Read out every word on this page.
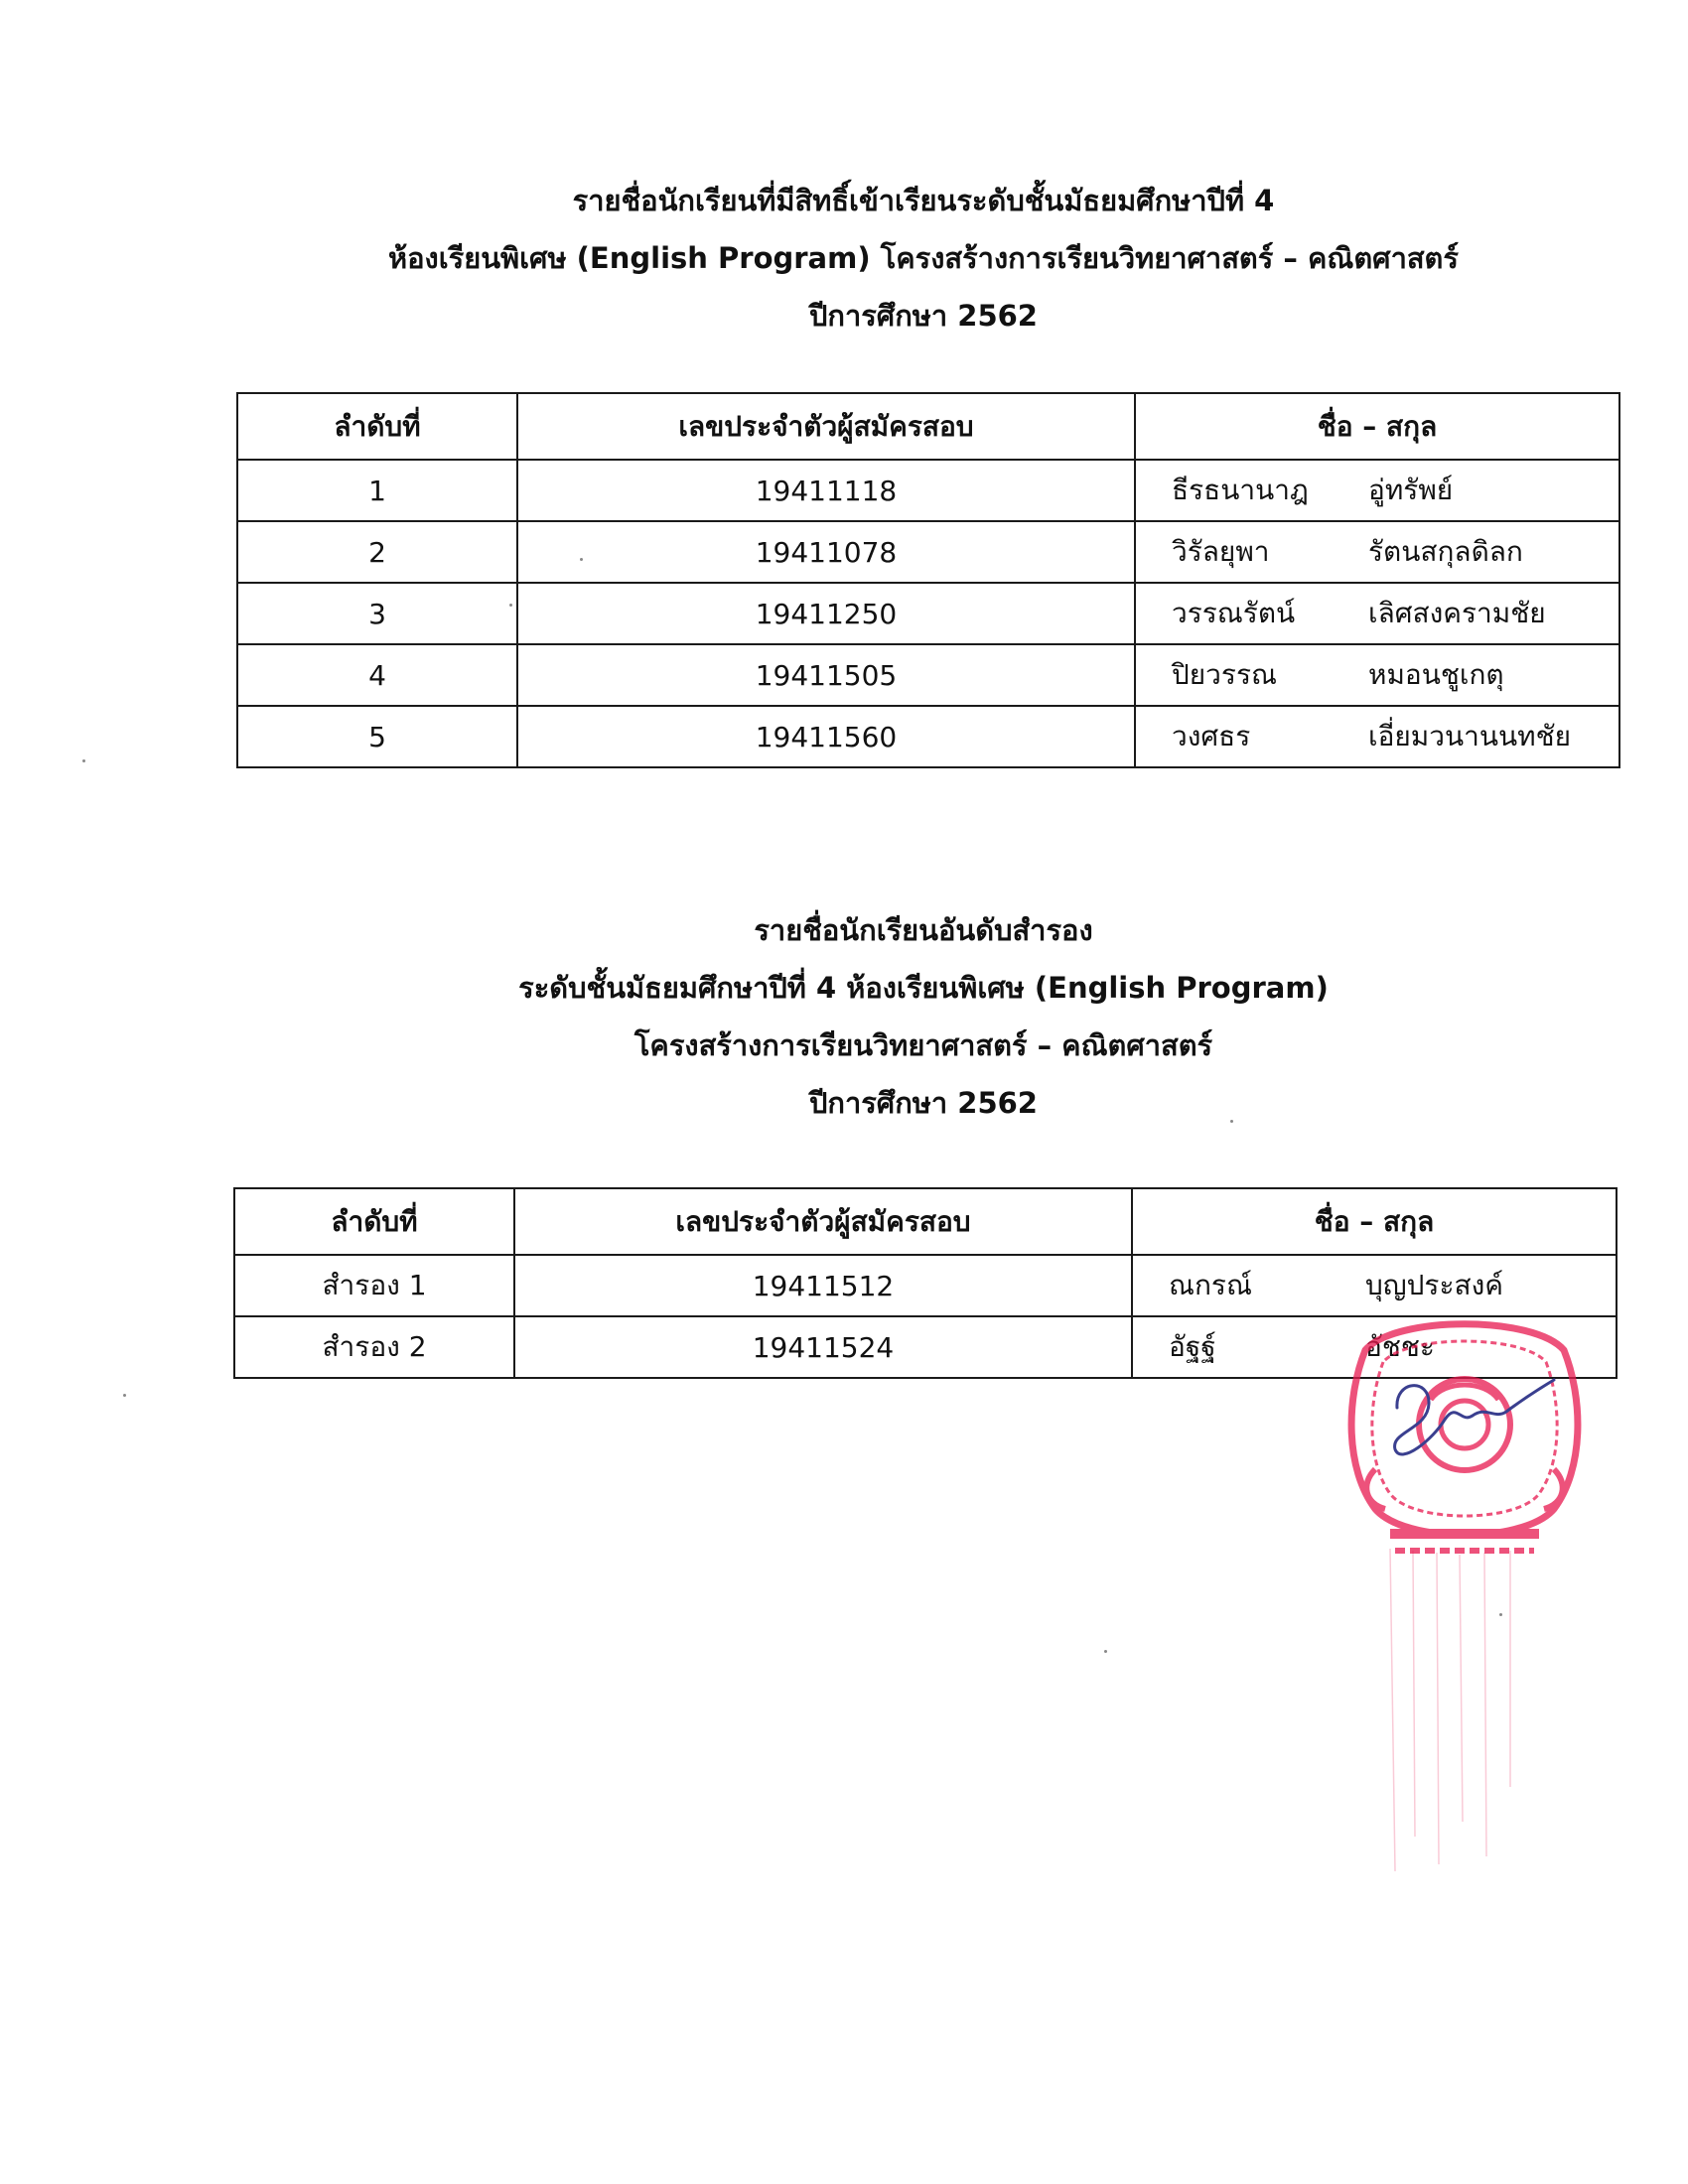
รายชื่อนักเรียนที่มีสิทธิ์เข้าเรียนระดับชั้นมัธยมศึกษาปีที่ 4
ห้องเรียนพิเศษ (English Program) โครงสร้างการเรียนวิทยาศาสตร์ – คณิตศาสตร์
ปีการศึกษา 2562
ลำดับที่	เลขประจำตัวผู้สมัครสอบ	ชื่อ – สกุล
1	19411118	ธีรธนานาฎ อู่ทรัพย์
2	19411078	วิรัลยุพา รัตนสกุลดิลก
3	19411250	วรรณรัตน์ เลิศสงครามชัย
4	19411505	ปิยวรรณ หมอนชูเกตุ
5	19411560	วงศธร เอี่ยมวนานนทชัย
รายชื่อนักเรียนอันดับสำรอง
ระดับชั้นมัธยมศึกษาปีที่ 4 ห้องเรียนพิเศษ (English Program)
โครงสร้างการเรียนวิทยาศาสตร์ – คณิตศาสตร์
ปีการศึกษา 2562
ลำดับที่	เลขประจำตัวผู้สมัครสอบ	ชื่อ – สกุล
สำรอง 1	19411512	ณกรณ์ บุญประสงค์
สำรอง 2	19411524	อัฐฐ์ อัชชะ
